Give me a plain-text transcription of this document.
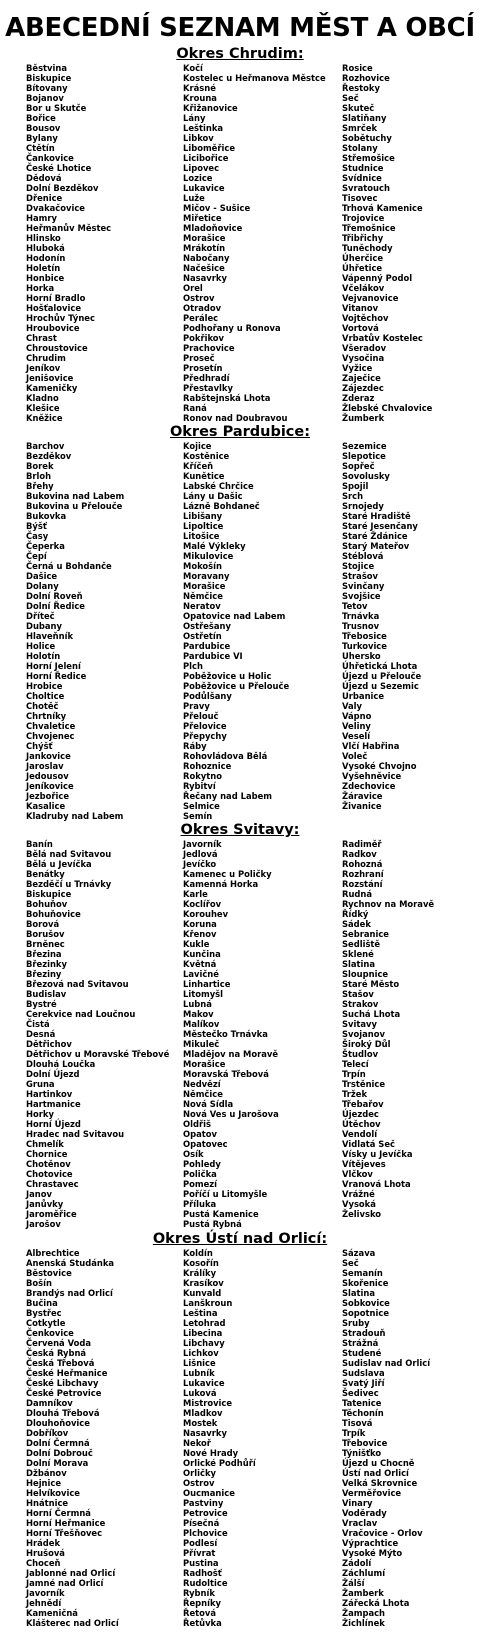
ABECEDNÍ SEZNAM MĚST A OBCÍ
Okres Chrudim:
Běstvina
Biskupice
Bítovany
Bojanov
Bor u Skutče
Bořice
Bousov
Bylany
Ctětín
Čankovice
České Lhotice
Dědová
Dolní Bezděkov
Dřenice
Dvakačovice
Hamry
Heřmanův Městec
Hlinsko
Hluboká
Hodonín
Holetín
Honbice
Horka
Horní Bradlo
Hošťalovice
Hrochův Týnec
Hroubovice
Chrast
Chroustovice
Chrudim
Jeníkov
Jenišovice
Kameničky
Kladno
Klešice
Kněžice
Kočí
Kostelec u Heřmanova Městce
Krásné
Krouna
Křižanovice
Lány
Leštinka
Libkov
Liboměřice
Licibořice
Lipovec
Lozice
Lukavice
Luže
Mičov - Sušice
Miřetice
Mladoňovice
Morašice
Mrákotín
Nabočany
Načešice
Nasavrky
Orel
Ostrov
Otradov
Perálec
Podhořany u Ronova
Pokřikov
Prachovice
Proseč
Prosetín
Předhradí
Přestavlky
Rabštejnská Lhota
Raná
Ronov nad Doubravou
Rosice
Rozhovice
Řestoky
Seč
Skuteč
Slatiňany
Smrček
Sobětuchy
Stolany
Střemošice
Studnice
Svídnice
Svratouch
Tisovec
Trhová Kamenice
Trojovice
Třemošnice
Třibřichy
Tuněchody
Úherčice
Úhřetice
Vápenný Podol
Včelákov
Vejvanovice
Vitanov
Vojtěchov
Vortová
Vrbatův Kostelec
Všeradov
Vysočina
Vyžice
Zaječice
Zájezdec
Zderaz
Žlebské Chvalovice
Žumberk
Okres Pardubice:
Barchov
Bezděkov
Borek
Brloh
Břehy
Bukovina nad Labem
Bukovina u Přelouče
Bukovka
Býšť
Časy
Čeperka
Čepí
Černá u Bohdanče
Dašice
Dolany
Dolní Roveň
Dolní Ředice
Dříteč
Dubany
Hlaveňník
Holice
Holotín
Horní Jelení
Horní Ředice
Hrobice
Choltice
Chotěč
Chrtníky
Chvaletice
Chvojenec
Chýšť
Jankovice
Jaroslav
Jedousov
Jeníkovice
Jezbořice
Kasalice
Kladruby nad Labem
Kojice
Kostěnice
Kříčeň
Kunětice
Labské Chrčice
Lány u Dašic
Lázně Bohdaneč
Libišany
Lipoltice
Litošice
Malé Výkleky
Mikulovice
Mokošín
Moravany
Morašice
Němčice
Neratov
Opatovice nad Labem
Ostřešany
Ostřetín
Pardubice
Pardubice VI
Plch
Poběžovice u Holic
Poběžovice u Přelouče
Podůlšany
Pravy
Přelouč
Přelovice
Přepychy
Ráby
Rohovládova Bělá
Rohoznice
Rokytno
Rybitví
Řečany nad Labem
Selmice
Semín
Sezemice
Slepotice
Sopřeč
Sovolusky
Spojil
Srch
Srnojedy
Staré Hradiště
Staré Jesenčany
Staré Ždánice
Starý Mateřov
Stéblová
Stojice
Strašov
Svinčany
Svojšice
Tetov
Trnávka
Trusnov
Třebosice
Turkovice
Uhersko
Úhřetická Lhota
Újezd u Přelouče
Újezd u Sezemic
Urbanice
Valy
Vápno
Veliny
Veselí
Vlčí Habřina
Voleč
Vysoké Chvojno
Vyšehněvice
Zdechovice
Žáravice
Živanice
Okres Svitavy:
Banín
Bělá nad Svitavou
Bělá u Jevíčka
Benátky
Bezděčí u Trnávky
Biskupice
Bohuňov
Bohuňovice
Borová
Borušov
Brněnec
Březina
Březinky
Březiny
Březová nad Svitavou
Budislav
Bystré
Cerekvice nad Loučnou
Čistá
Desná
Dětřichov
Dětřichov u Moravské Třebové
Dlouhá Loučka
Dolní Újezd
Gruna
Hartinkov
Hartmanice
Horky
Horní Újezd
Hradec nad Svitavou
Chmelík
Chornice
Chotěnov
Chotovice
Chrastavec
Janov
Janůvky
Jaroměřice
Jarošov
Javorník
Jedlová
Jevíčko
Kamenec u Poličky
Kamenná Horka
Karle
Koclířov
Korouhev
Koruna
Křenov
Kukle
Kunčina
Květná
Lavičné
Linhartice
Litomyšl
Lubná
Makov
Malíkov
Městečko Trnávka
Mikuleč
Mladějov na Moravě
Morašice
Moravská Třebová
Nedvězí
Němčice
Nová Sídla
Nová Ves u Jarošova
Oldřiš
Opatov
Opatovec
Osík
Pohledy
Polička
Pomezí
Poříčí u Litomyšle
Příluka
Pustá Kamenice
Pustá Rybná
Radiměř
Radkov
Rohozná
Rozhraní
Rozstání
Rudná
Rychnov na Moravě
Řídký
Sádek
Sebranice
Sedliště
Sklené
Slatina
Sloupnice
Staré Město
Stašov
Strakov
Suchá Lhota
Svitavy
Svojanov
Široký Důl
Študlov
Telecí
Trpín
Trstěnice
Tržek
Třebařov
Újezdec
Útěchov
Vendolí
Vidlatá Seč
Vísky u Jevíčka
Vítějeves
Vlčkov
Vranová Lhota
Vrážné
Vysoká
Želivsko
Okres Ústí nad Orlicí:
Albrechtice
Anenská Studánka
Běstovice
Bošín
Brandýs nad Orlicí
Bučina
Bystřec
Cotkytle
Čenkovice
Červená Voda
Česká Rybná
Česká Třebová
České Heřmanice
České Libchavy
České Petrovice
Damníkov
Dlouhá Třebová
Dlouhoňovice
Dobříkov
Dolní Čermná
Dolní Dobrouč
Dolní Morava
Džbánov
Hejnice
Helvíkovice
Hnátnice
Horní Čermná
Horní Heřmanice
Horní Třešňovec
Hrádek
Hrušová
Choceň
Jablonné nad Orlicí
Jamné nad Orlicí
Javorník
Jehnědí
Kameničná
Klášterec nad Orlicí
Koldín
Kosořín
Králíky
Krasíkov
Kunvald
Lanškroun
Leština
Letohrad
Libecina
Libchavy
Lichkov
Lišnice
Lubník
Lukavice
Luková
Mistrovice
Mladkov
Mostek
Nasavrky
Nekoř
Nové Hrady
Orlické Podhůří
Orličky
Ostrov
Oucmanice
Pastviny
Petrovice
Písečná
Plchovice
Podlesí
Přívrat
Pustina
Radhošť
Rudoltice
Rybník
Řepníky
Řetová
Řetůvka
Sázava
Seč
Semanín
Skořenice
Slatina
Sobkovice
Sopotnice
Sruby
Stradouň
Strážná
Studené
Sudislav nad Orlicí
Sudslava
Svatý Jiří
Šedivec
Tatenice
Těchonín
Tisová
Trpík
Třebovice
Týnišťko
Újezd u Chocně
Ústí nad Orlicí
Velká Skrovnice
Verměřovice
Vinary
Voděrady
Vraclav
Vračovice - Orlov
Výprachtice
Vysoké Mýto
Zádolí
Záchlumí
Žálší
Žamberk
Zářecká Lhota
Žampach
Žichlínek
